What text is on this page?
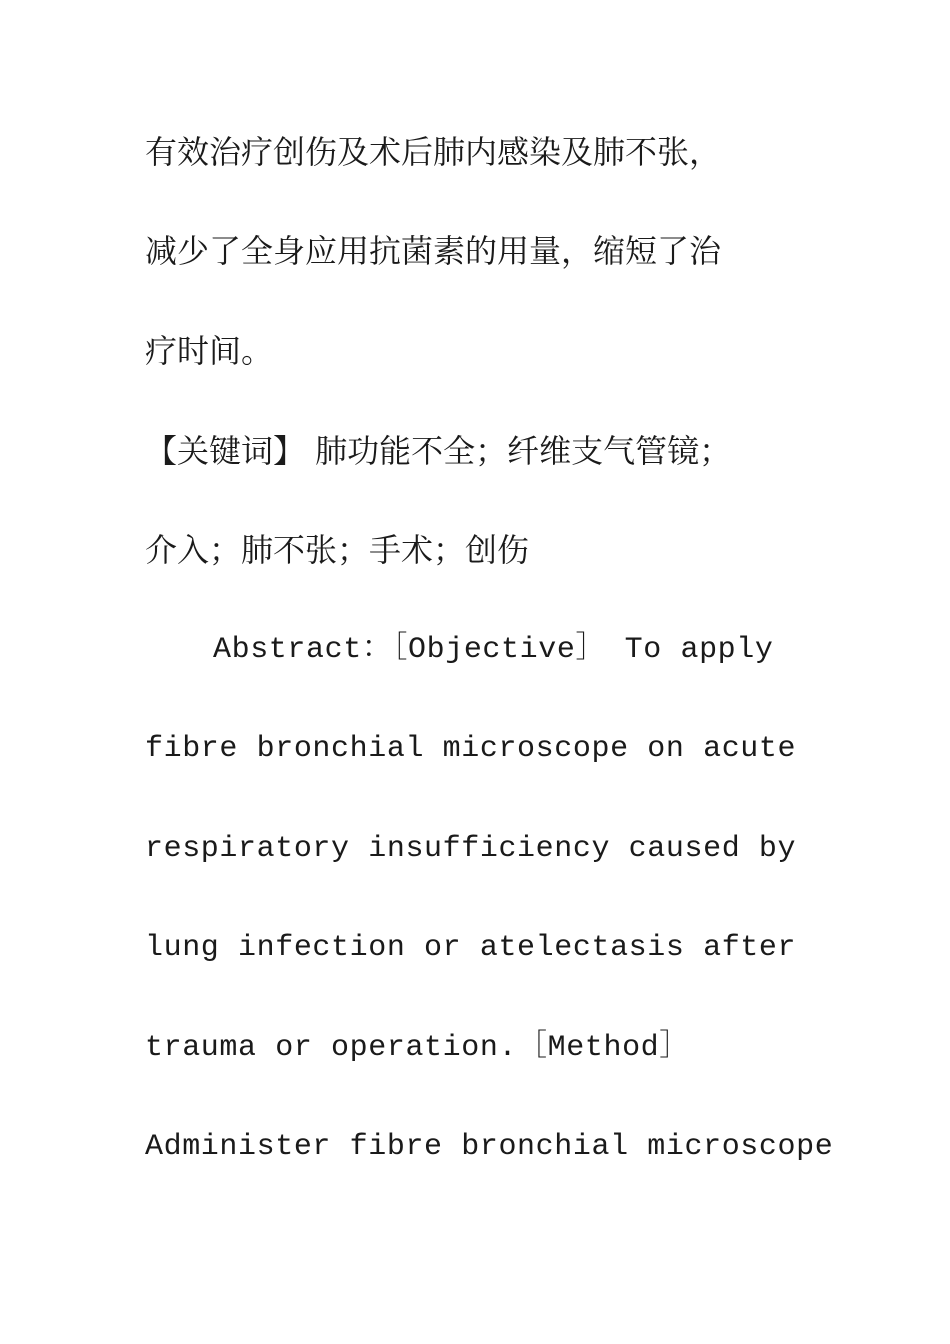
有效治疗创伤及术后肺内感染及肺不张，
减少了全身应用抗菌素的用量，缩短了治
疗时间。
【关键词】 肺功能不全；纤维支气管镜；
介入；肺不张；手术；创伤
Abstract：［Objective］ To apply
fibre bronchial microscope on acute
respiratory insufficiency caused by
lung infection or atelectasis after
trauma or operation.［Method］
Administer fibre bronchial microscope
